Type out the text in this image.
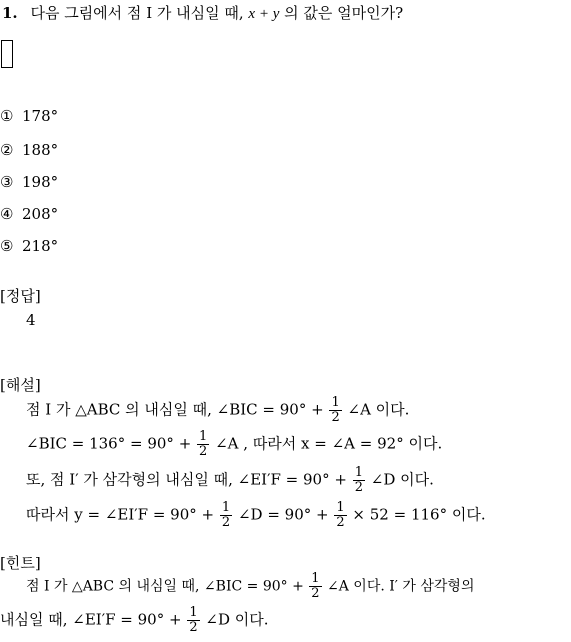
1. 다음 그림에서 점 I 가 내심일 때, x + y 의 값은 얼마인가?
① 178°
② 188°
③ 198°
④ 208°
⑤ 218°
[정답]
4
[해설]
점 I 가 △ABC 의 내심일 때, ∠BIC = $90^\circ + \frac{1}{2}$ ∠A 이다.
∠BIC = $136^\circ = 90^\circ + \frac{1}{2}$ ∠A , 따라서 x = ∠A = 92° 이다.
또, 점 I′ 가 삼각형의 내심일 때, ∠EI′F = $90^\circ + \frac{1}{2}$ ∠D 이다.
따라서 y = ∠EI′F = $90^\circ + \frac{1}{2}$ ∠D = $90^\circ + \frac{1}{2} \times 52 = 116^\circ$ 이다.
[힌트]
점 I 가 △ABC 의 내심일 때, ∠BIC = $90^\circ + \frac{1}{2}$ ∠A 이다. I′ 가 삼각형의
내심일 때, ∠EI′F = $90^\circ + \frac{1}{2}$ ∠D 이다.
